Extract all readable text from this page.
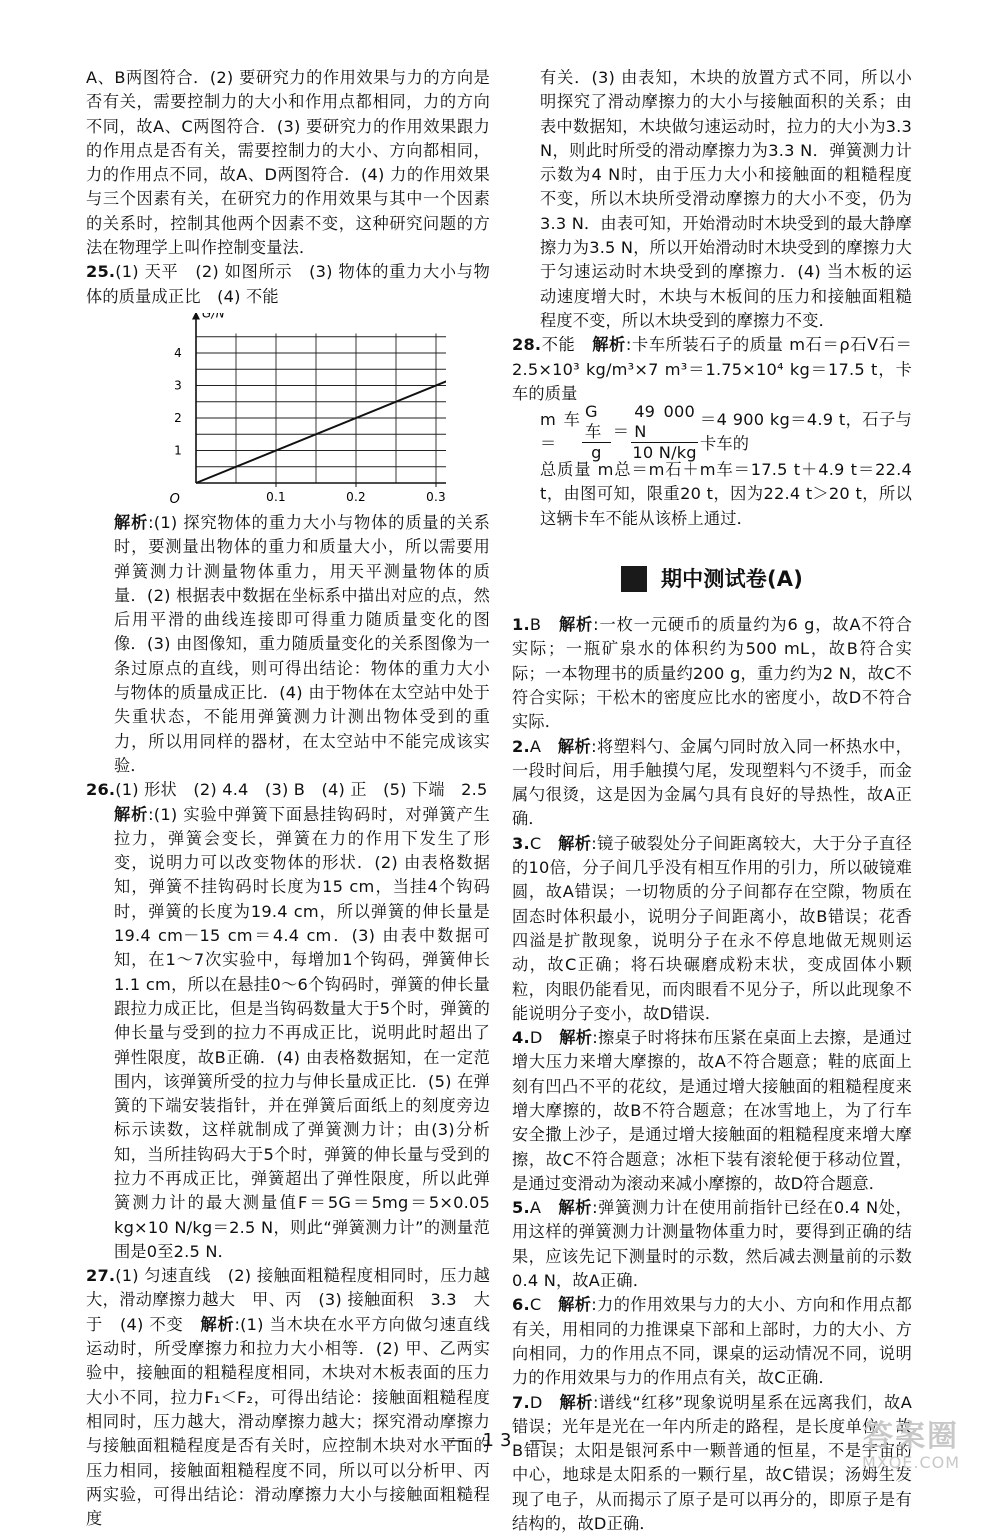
A、B两图符合．(2) 要研究力的作用效果与力的方向是否有关，需要控制力的大小和作用点都相同，力的方向不同，故A、C两图符合．(3) 要研究力的作用效果跟力的作用点是否有关，需要控制力的大小、方向都相同，力的作用点不同，故A、D两图符合．(4) 力的作用效果与三个因素有关，在研究力的作用效果与其中一个因素的关系时，控制其他两个因素不变，这种研究问题的方法在物理学上叫作控制变量法．

25.(1) 天平　(2) 如图所示　(3) 物体的重力大小与物体的质量成正比　(4) 不能

0.1	0.2	0.3
1
2
3
4
O
G/N

解析:(1) 探究物体的重力大小与物体的质量的关系时，要测量出物体的重力和质量大小，所以需要用弹簧测力计测量物体重力，用天平测量物体的质量．(2) 根据表中数据在坐标系中描出对应的点，然后用平滑的曲线连接即可得重力随质量变化的图像．(3) 由图像知，重力随质量变化的关系图像为一条过原点的直线，则可得出结论：物体的重力大小与物体的质量成正比．(4) 由于物体在太空站中处于失重状态，不能用弹簧测力计测出物体受到的重力，所以用同样的器材，在太空站中不能完成该实验．

26.(1) 形状　(2) 4.4　(3) B　(4) 正　(5) 下端　2.5

解析:(1) 实验中弹簧下面悬挂钩码时，对弹簧产生拉力，弹簧会变长，弹簧在力的作用下发生了形变，说明力可以改变物体的形状．(2) 由表格数据知，弹簧不挂钩码时长度为15 cm，当挂4个钩码时，弹簧的长度为19.4 cm，所以弹簧的伸长量是19.4 cm－15 cm＝4.4 cm．(3) 由表中数据可知，在1～7次实验中，每增加1个钩码，弹簧伸长1.1 cm，所以在悬挂0～6个钩码时，弹簧的伸长量跟拉力成正比，但是当钩码数量大于5个时，弹簧的伸长量与受到的拉力不再成正比，说明此时超出了弹性限度，故B正确．(4) 由表格数据知，在一定范围内，该弹簧所受的拉力与伸长量成正比．(5) 在弹簧的下端安装指针，并在弹簧后面纸上的刻度旁边标示读数，这样就制成了弹簧测力计；由(3)分析知，当所挂钩码大于5个时，弹簧的伸长量与受到的拉力不再成正比，弹簧超出了弹性限度，所以此弹簧测力计的最大测量值F＝5G＝5mg＝5×0.05 kg×10 N/kg＝2.5 N，则此“弹簧测力计”的测量范围是0至2.5 N．

27.(1) 匀速直线　(2) 接触面粗糙程度相同时，压力越大，滑动摩擦力越大　甲、丙　(3) 接触面积　3.3　大于　(4) 不变　解析:(1) 当木块在水平方向做匀速直线运动时，所受摩擦力和拉力大小相等．(2) 甲、乙两实验中，接触面的粗糙程度相同，木块对木板表面的压力大小不同，拉力F₁＜F₂，可得出结论：接触面粗糙程度相同时，压力越大，滑动摩擦力越大；探究滑动摩擦力与接触面粗糙程度是否有关时，应控制木块对水平面的压力相同，接触面粗糙程度不同，所以可以分析甲、丙两实验，可得出结论：滑动摩擦力大小与接触面粗糙程度

有关．(3) 由表知，木块的放置方式不同，所以小明探究了滑动摩擦力的大小与接触面积的关系；由表中数据知，木块做匀速运动时，拉力的大小为3.3 N，则此时所受的滑动摩擦力为3.3 N．弹簧测力计示数为4 N时，由于压力大小和接触面的粗糙程度不变，所以木块所受滑动摩擦力的大小不变，仍为3.3 N．由表可知，开始滑动时木块受到的最大静摩擦力为3.5 N，所以开始滑动时木块受到的摩擦力大于匀速运动时木块受到的摩擦力．(4) 当木板的运动速度增大时，木块与木板间的压力和接触面粗糙程度不变，所以木块受到的摩擦力不变．

28.不能　解析:卡车所装石子的质量 m石＝ρ石V石＝2.5×10³ kg/m³×7 m³＝1.75×10⁴ kg＝17.5 t，卡车的质量

m车＝
G车
g
＝ $\frac{49 000 N}{10 N/kg} =4$ 900 kg＝4.9 t，石子与卡车的

总质量 m总＝m石＋m车＝17.5 t＋4.9 t＝22.4 t，由图可知，限重20 t，因为22.4 t＞20 t，所以这辆卡车不能从该桥上通过．

期中测试卷(A)

1.B　 解析:一枚一元硬币的质量约为6 g，故A不符合实际；一瓶矿泉水的体积约为500 mL，故B符合实际；一本物理书的质量约200 g，重力约为2 N，故C不符合实际；干松木的密度应比水的密度小，故D不符合实际．

2.A　 解析:将塑料勺、金属勺同时放入同一杯热水中，一段时间后，用手触摸勺尾，发现塑料勺不烫手，而金属勺很烫，这是因为金属勺具有良好的导热性，故A正确．

3.C　 解析:镜子破裂处分子间距离较大，大于分子直径的10倍，分子间几乎没有相互作用的引力，所以破镜难圆，故A错误；一切物质的分子间都存在空隙，物质在固态时体积最小，说明分子间距离小，故B错误；花香四溢是扩散现象，说明分子在永不停息地做无规则运动，故C正确；将石块碾磨成粉末状，变成固体小颗粒，肉眼仍能看见，而肉眼看不见分子，所以此现象不能说明分子变小，故D错误．

4.D　 解析:擦桌子时将抹布压紧在桌面上去擦，是通过增大压力来增大摩擦的，故A不符合题意；鞋的底面上刻有凹凸不平的花纹，是通过增大接触面的粗糙程度来增大摩擦的，故B不符合题意；在冰雪地上，为了行车安全撒上沙子，是通过增大接触面的粗糙程度来增大摩擦，故C不符合题意；冰柜下装有滚轮便于移动位置，是通过变滑动为滚动来减小摩擦的，故D符合题意．

5.A　 解析:弹簧测力计在使用前指针已经在0.4 N处，用这样的弹簧测力计测量物体重力时，要得到正确的结果，应该先记下测量时的示数，然后减去测量前的示数0.4 N，故A正确．

6.C　 解析:力的作用效果与力的大小、方向和作用点都有关，用相同的力推课桌下部和上部时，力的大小、方向相同，力的作用点不同，课桌的运动情况不同，说明力的作用效果与力的作用点有关，故C正确．

7.D　 解析:谱线“红移”现象说明星系在远离我们，故A错误；光年是光在一年内所走的路程，是长度单位，故B错误；太阳是银河系中一颗普通的恒星，不是宇宙的中心，地球是太阳系的一颗行星，故C错误；汤姆生发现了电子，从而揭示了原子是可以再分的，即原子是有结构的，故D正确．

— 13 —	答案圈
MXQE.COM
